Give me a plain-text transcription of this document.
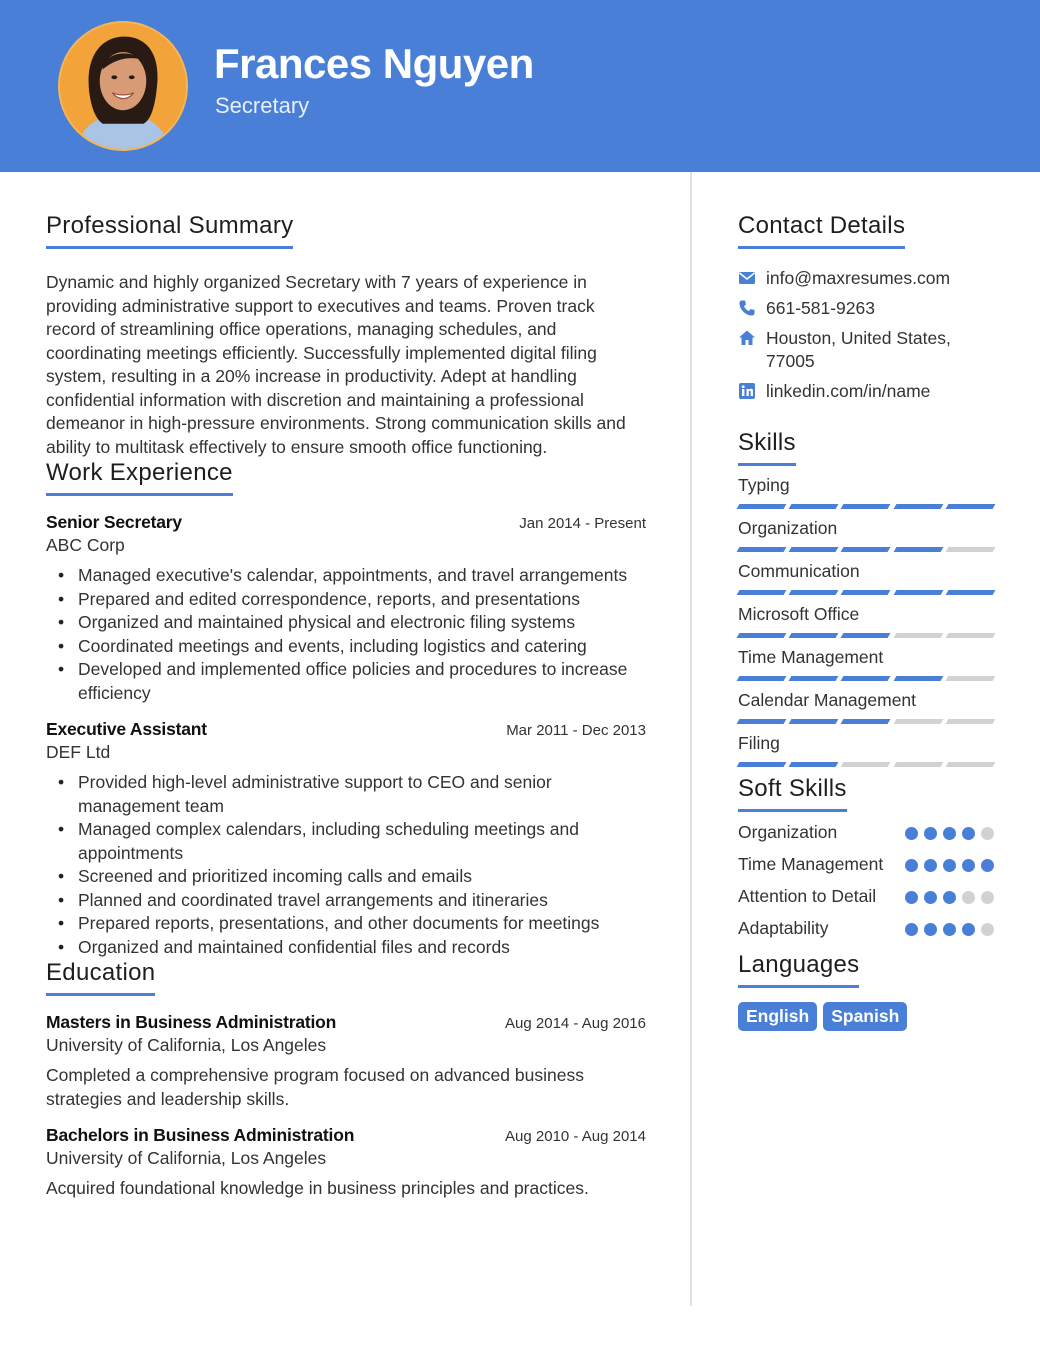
Frances Nguyen
Secretary
Professional Summary

Dynamic and highly organized Secretary with 7 years of experience in providing administrative support to executives and teams. Proven track record of streamlining office operations, managing schedules, and coordinating meetings efficiently. Successfully implemented digital filing system, resulting in a 20% increase in productivity. Adept at handling confidential information with discretion and maintaining a professional demeanor in high-pressure environments. Strong communication skills and ability to multitask effectively to ensure smooth office functioning.

Work Experience
Senior Secretary	Jan 2014 - Present
ABC Corp
• Managed executive's calendar, appointments, and travel arrangements
• Prepared and edited correspondence, reports, and presentations
• Organized and maintained physical and electronic filing systems
• Coordinated meetings and events, including logistics and catering
• Developed and implemented office policies and procedures to increase efficiency
Executive Assistant	Mar 2011 - Dec 2013
DEF Ltd
• Provided high-level administrative support to CEO and senior management team
• Managed complex calendars, including scheduling meetings and appointments
• Screened and prioritized incoming calls and emails
• Planned and coordinated travel arrangements and itineraries
• Prepared reports, presentations, and other documents for meetings
• Organized and maintained confidential files and records
Education
Masters in Business Administration	Aug 2014 - Aug 2016
University of California, Los Angeles

Completed a comprehensive program focused on advanced business strategies and leadership skills.

Bachelors in Business Administration	Aug 2010 - Aug 2014
University of California, Los Angeles

Acquired foundational knowledge in business principles and practices.

Contact Details
info@maxresumes.com
661-581-9263
Houston, United States, 77005
linkedin.com/in/name
Skills
Typing
Organization
Communication
Microsoft Office
Time Management
Calendar Management
Filing
Soft Skills
Organization
Time Management
Attention to Detail
Adaptability
Languages
English	Spanish
